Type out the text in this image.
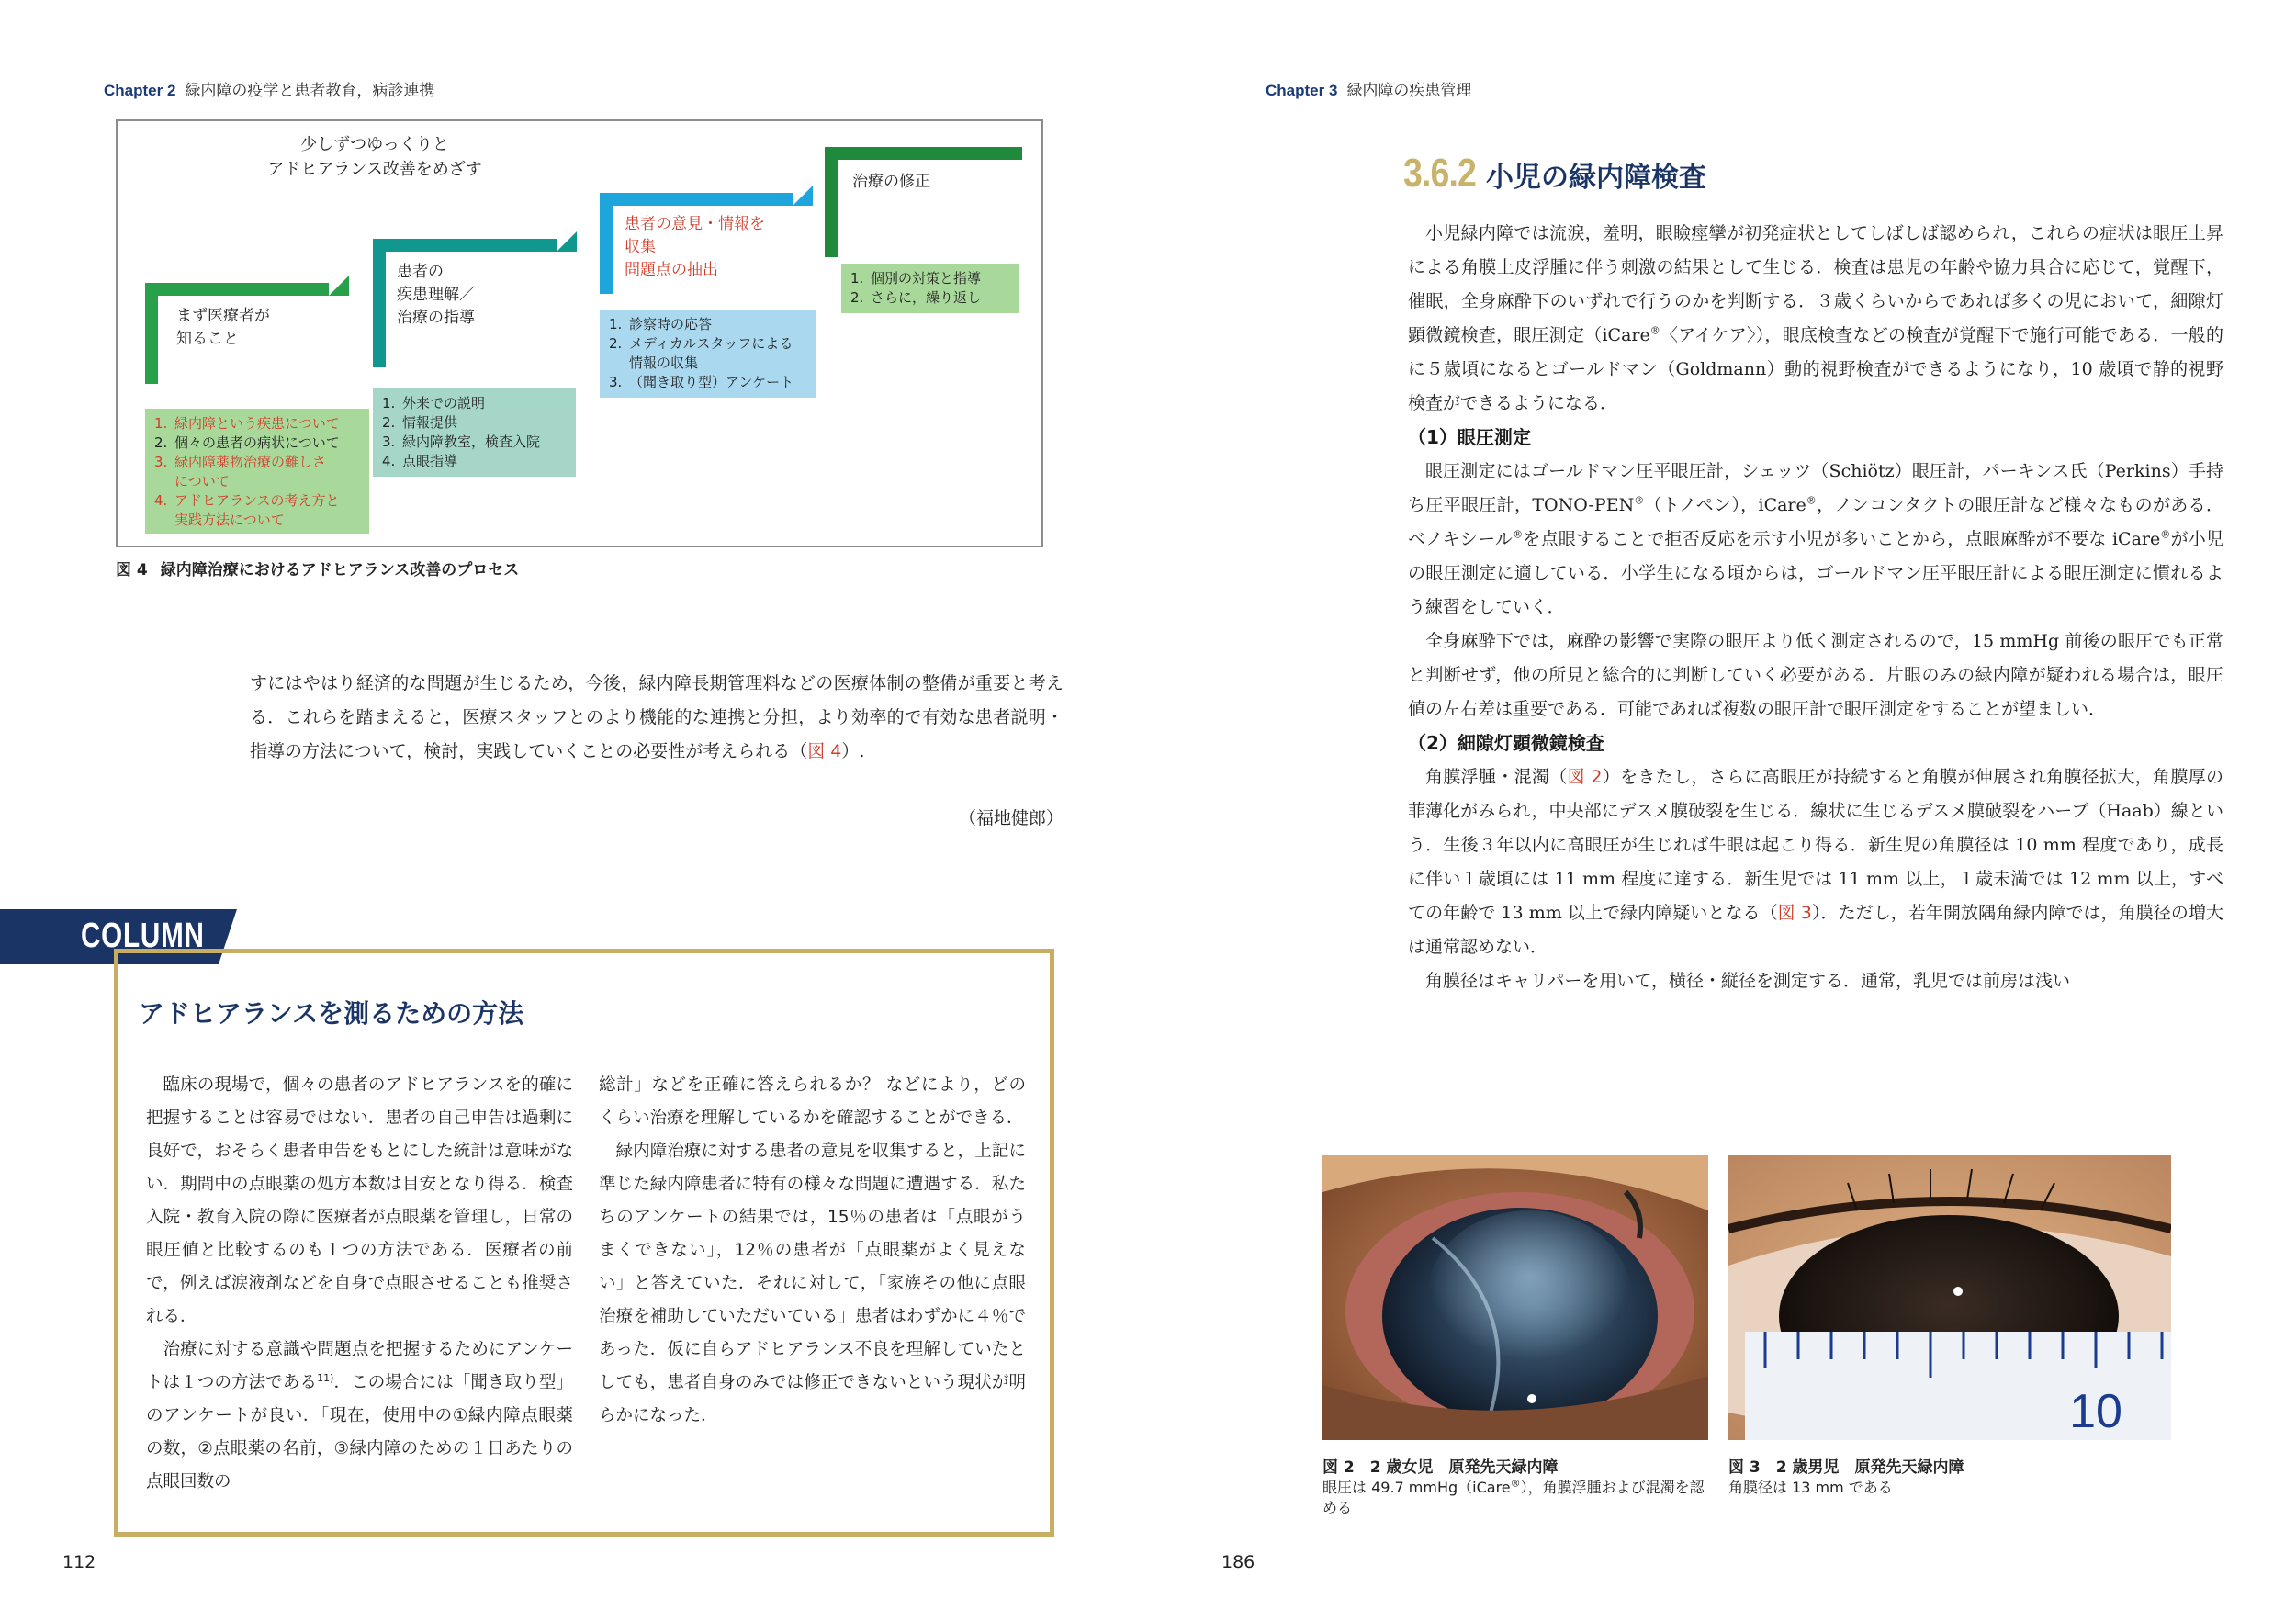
Chapter 2 緑内障の疫学と患者教育，病診連携
少しずつゆっくりと
アドヒアランス改善をめざす
まず医療者が
知ること
患者の
疾患理解／
治療の指導
患者の意見・情報を
収集
問題点の抽出
治療の修正
1. 緑内障という疾患について
2. 個々の患者の病状について
3. 緑内障薬物治療の難しさ
について
4. アドヒアランスの考え方と
実践方法について
1. 外来での説明
2. 情報提供
3. 緑内障教室，検査入院
4. 点眼指導
1. 診察時の応答
2. メディカルスタッフによる
情報の収集
3. （聞き取り型）アンケート
1. 個別の対策と指導
2. さらに，繰り返し
図 4 緑内障治療におけるアドヒアランス改善のプロセス
すにはやはり経済的な問題が生じるため，今後，緑内障長期管理料などの医療体制の整備が重要と考える．これらを踏まえると，医療スタッフとのより機能的な連携と分担，より効率的で有効な患者説明・指導の方法について，検討，実践していくことの必要性が考えられる（図 4）.
（福地健郎）
COLUMN
アドヒアランスを測るための方法

臨床の現場で，個々の患者のアドヒアランスを的確に把握することは容易ではない．患者の自己申告は過剰に良好で，おそらく患者申告をもとにした統計は意味がない．期間中の点眼薬の処方本数は目安となり得る．検査入院・教育入院の際に医療者が点眼薬を管理し，日常の眼圧値と比較するのも１つの方法である．医療者の前で，例えば涙液剤などを自身で点眼させることも推奨される．

治療に対する意識や問題点を把握するためにアンケートは１つの方法である$^{11)}$．この場合には「聞き取り型」のアンケートが良い．「現在，使用中の①緑内障点眼薬の数，②点眼薬の名前，③緑内障のための１日あたりの点眼回数の

総計」などを正確に答えられるか？ などにより，どのくらい治療を理解しているかを確認することができる．

緑内障治療に対する患者の意見を収集すると，上記に準じた緑内障患者に特有の様々な問題に遭遇する．私たちのアンケートの結果では，15％の患者は「点眼がうまくできない」，12％の患者が「点眼薬がよく見えない」と答えていた．それに対して，「家族その他に点眼治療を補助していただいている」患者はわずかに４％であった．仮に自らアドヒアランス不良を理解していたとしても，患者自身のみでは修正できないという現状が明らかになった．

112
Chapter 3 緑内障の疾患管理
3.6.2 小児の緑内障検査

小児緑内障では流涙，羞明，眼瞼痙攣が初発症状としてしばしば認められ，これらの症状は眼圧上昇による角膜上皮浮腫に伴う刺激の結果として生じる．検査は患児の年齢や協力具合に応じて，覚醒下，催眠，全身麻酔下のいずれで行うのかを判断する．３歳くらいからであれば多くの児において，細隙灯顕微鏡検査，眼圧測定（iCare®〈アイケア〉），眼底検査などの検査が覚醒下で施行可能である．一般的に５歳頃になるとゴールドマン（Goldmann）動的視野検査ができるようになり，10 歳頃で静的視野検査ができるようになる．

（1）眼圧測定

眼圧測定にはゴールドマン圧平眼圧計，シェッツ（Schiötz）眼圧計，パーキンス氏（Perkins）手持ち圧平眼圧計，TONO-PEN®（トノペン），iCare®，ノンコンタクトの眼圧計など様々なものがある．ベノキシール®を点眼することで拒否反応を示す小児が多いことから，点眼麻酔が不要な iCare®が小児の眼圧測定に適している．小学生になる頃からは，ゴールドマン圧平眼圧計による眼圧測定に慣れるよう練習をしていく．

全身麻酔下では，麻酔の影響で実際の眼圧より低く測定されるので，15 mmHg 前後の眼圧でも正常と判断せず，他の所見と総合的に判断していく必要がある．片眼のみの緑内障が疑われる場合は，眼圧値の左右差は重要である．可能であれば複数の眼圧計で眼圧測定をすることが望ましい．

（2）細隙灯顕微鏡検査

角膜浮腫・混濁（図 2）をきたし，さらに高眼圧が持続すると角膜が伸展され角膜径拡大，角膜厚の菲薄化がみられ，中央部にデスメ膜破裂を生じる．線状に生じるデスメ膜破裂をハーブ（Haab）線という．生後３年以内に高眼圧が生じれば牛眼は起こり得る．新生児の角膜径は 10 mm 程度であり，成長に伴い１歳頃には 11 mm 程度に達する．新生児では 11 mm 以上，１歳未満では 12 mm 以上，すべての年齢で 13 mm 以上で緑内障疑いとなる（図 3）．ただし，若年開放隅角緑内障では，角膜径の増大は通常認めない．

角膜径はキャリパーを用いて，横径・縦径を測定する．通常，乳児では前房は浅い

10
図 2　 2 歳女児　原発先天緑内障
眼圧は 49.7 mmHg（iCare®），角膜浮腫および混濁を認める
図 3　 2 歳男児　原発先天緑内障
角膜径は 13 mm である
186
